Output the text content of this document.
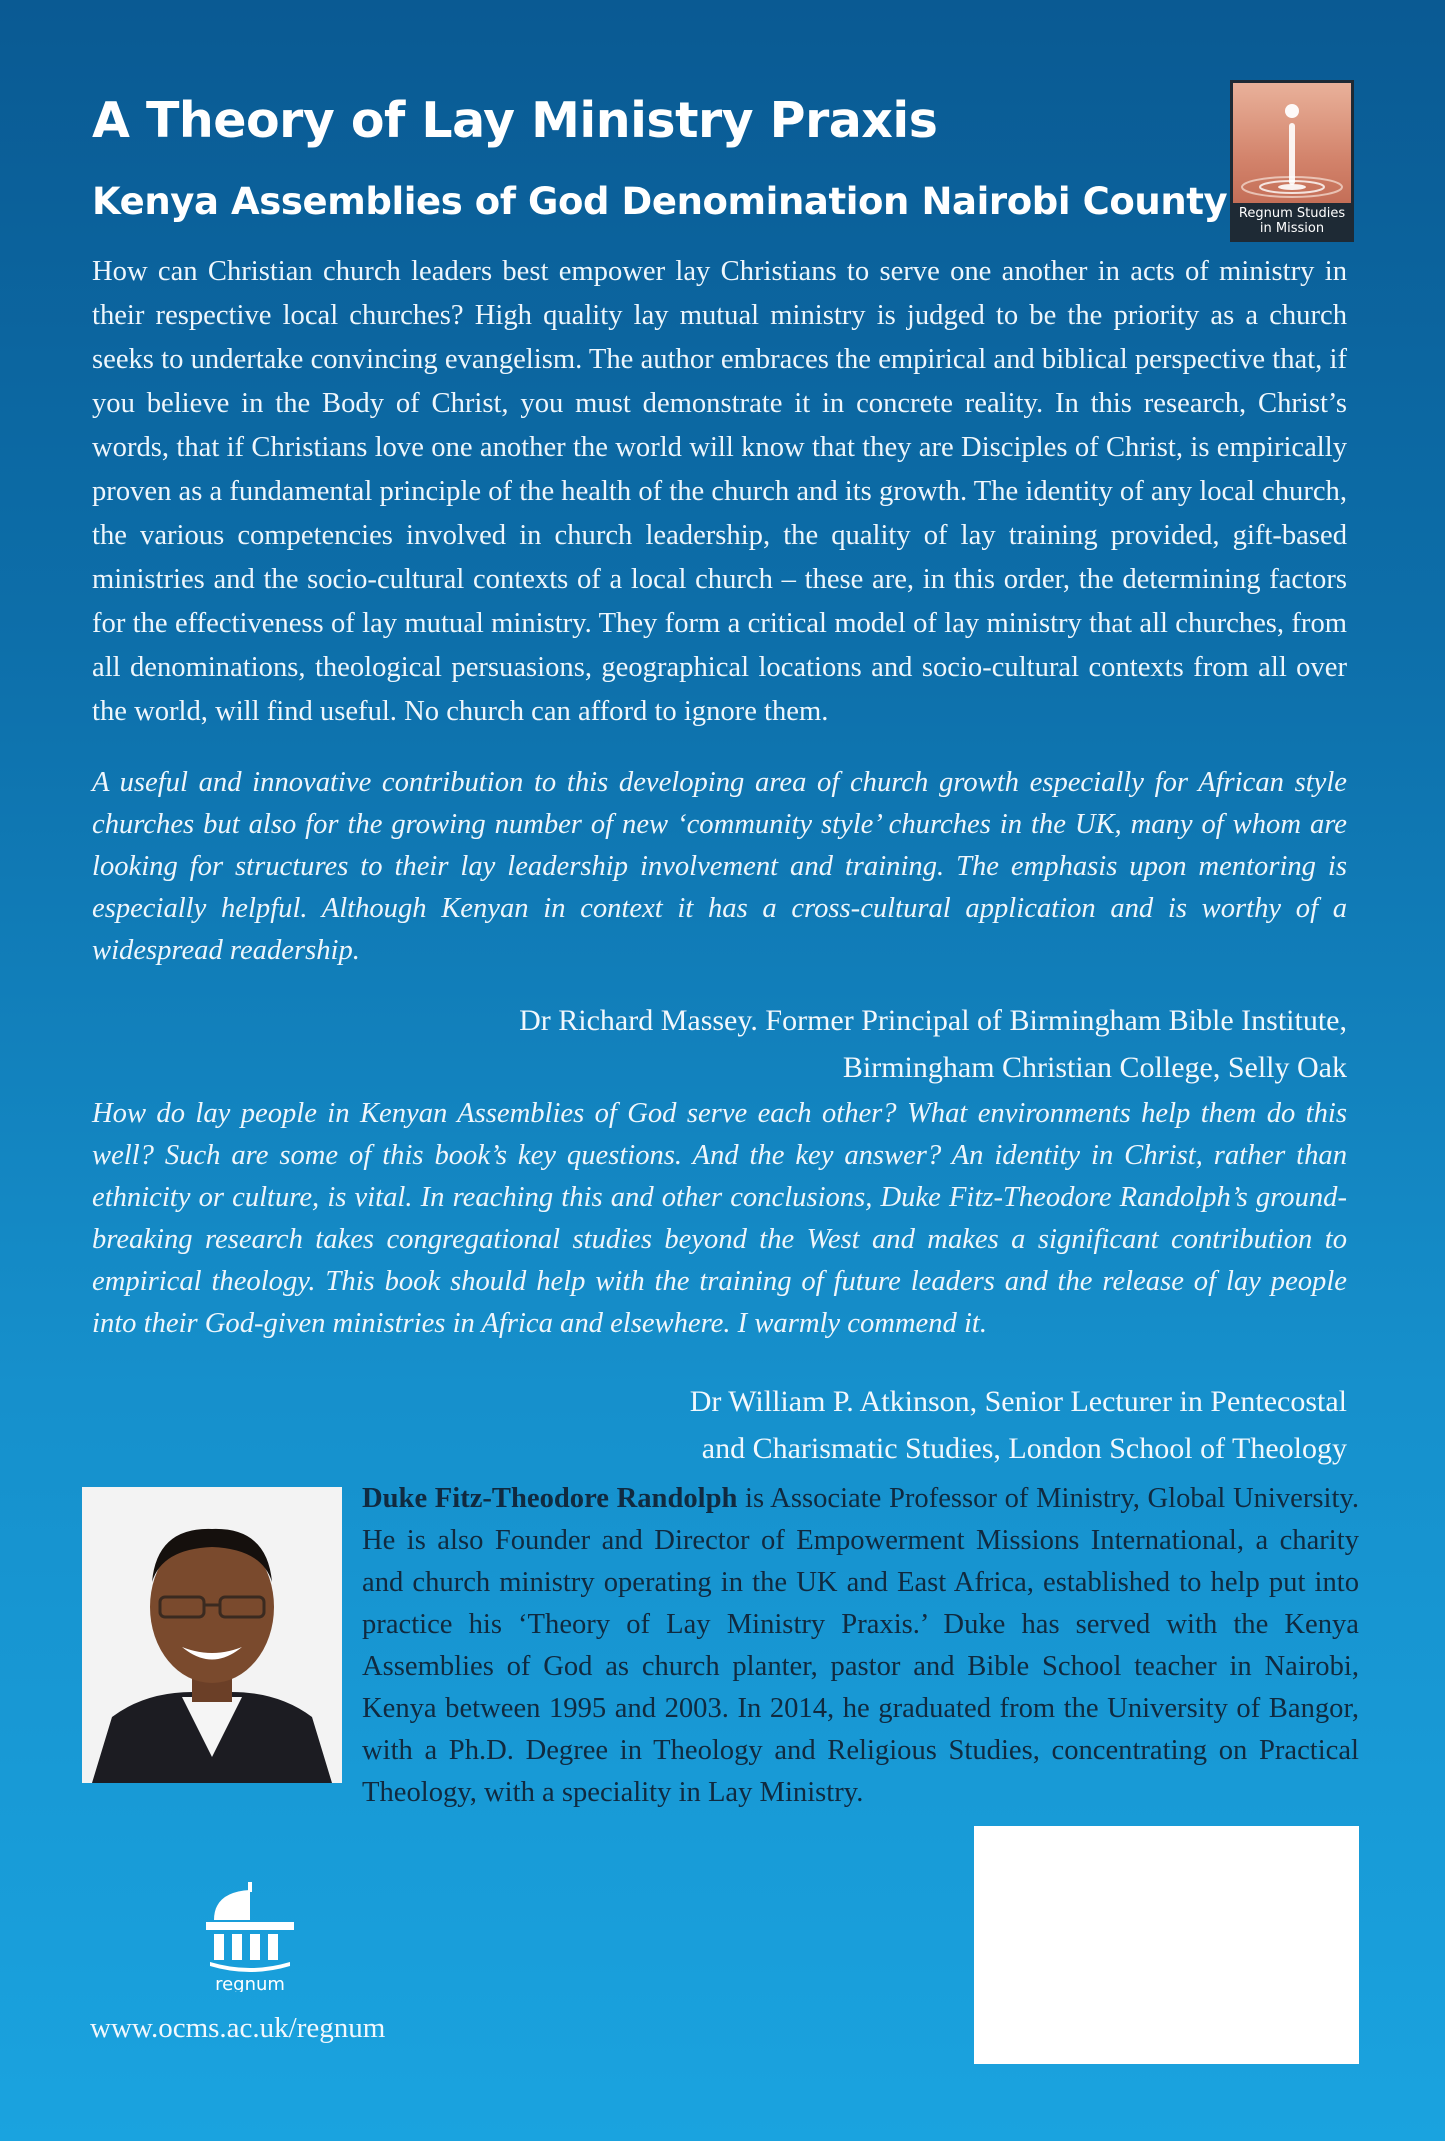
A Theory of Lay Ministry Praxis
Kenya Assemblies of God Denomination Nairobi County Regnum Studies
in Mission

How can Christian church leaders best empower lay Christians to serve one another in acts of ministry in their respective local churches? High quality lay mutual ministry is judged to be the priority as a church seeks to undertake convincing evangelism. The author embraces the empirical and biblical perspective that, if you believe in the Body of Christ, you must demonstrate it in concrete reality. In this research, Christ’s words, that if Christians love one another the world will know that they are Disciples of Christ, is empirically proven as a fundamental principle of the health of the church and its growth. The identity of any local church, the various competencies involved in church leadership, the quality of lay training provided, gift-based ministries and the socio-cultural contexts of a local church – these are, in this order, the determining factors for the effectiveness of lay mutual ministry. They form a critical model of lay ministry that all churches, from all denominations, theological persuasions, geographical locations and socio-cultural contexts from all over the world, will find useful. No church can afford to ignore them.

A useful and innovative contribution to this developing area of church growth especially for African style churches but also for the growing number of new ‘community style’ churches in the UK, many of whom are looking for structures to their lay leadership involvement and training. The emphasis upon mentoring is especially helpful. Although Kenyan in context it has a cross-cultural application and is worthy of a widespread readership.

Dr Richard Massey. Former Principal of Birmingham Bible Institute,
Birmingham Christian College, Selly Oak

How do lay people in Kenyan Assemblies of God serve each other? What environments help them do this well? Such are some of this book’s key questions. And the key answer? An identity in Christ, rather than ethnicity or culture, is vital. In reaching this and other conclusions, Duke Fitz-Theodore Randolph’s ground-breaking research takes congregational studies beyond the West and makes a significant contribution to empirical theology. This book should help with the training of future leaders and the release of lay people into their God-given ministries in Africa and elsewhere. I warmly commend it.

Dr William P. Atkinson, Senior Lecturer in Pentecostal
and Charismatic Studies, London School of Theology

Duke Fitz-Theodore Randolph is Associate Professor of Ministry, Global University. He is also Founder and Director of Empowerment Missions International, a charity and church ministry operating in the UK and East Africa, established to help put into practice his ‘Theory of Lay Ministry Praxis.’ Duke has served with the Kenya Assemblies of God as church planter, pastor and Bible School teacher in Nairobi, Kenya between 1995 and 2003. In 2014, he graduated from the University of Bangor, with a Ph.D. Degree in Theology and Religious Studies, concentrating on Practical Theology, with a speciality in Lay Ministry.

regnum

www.ocms.ac.uk/regnum
